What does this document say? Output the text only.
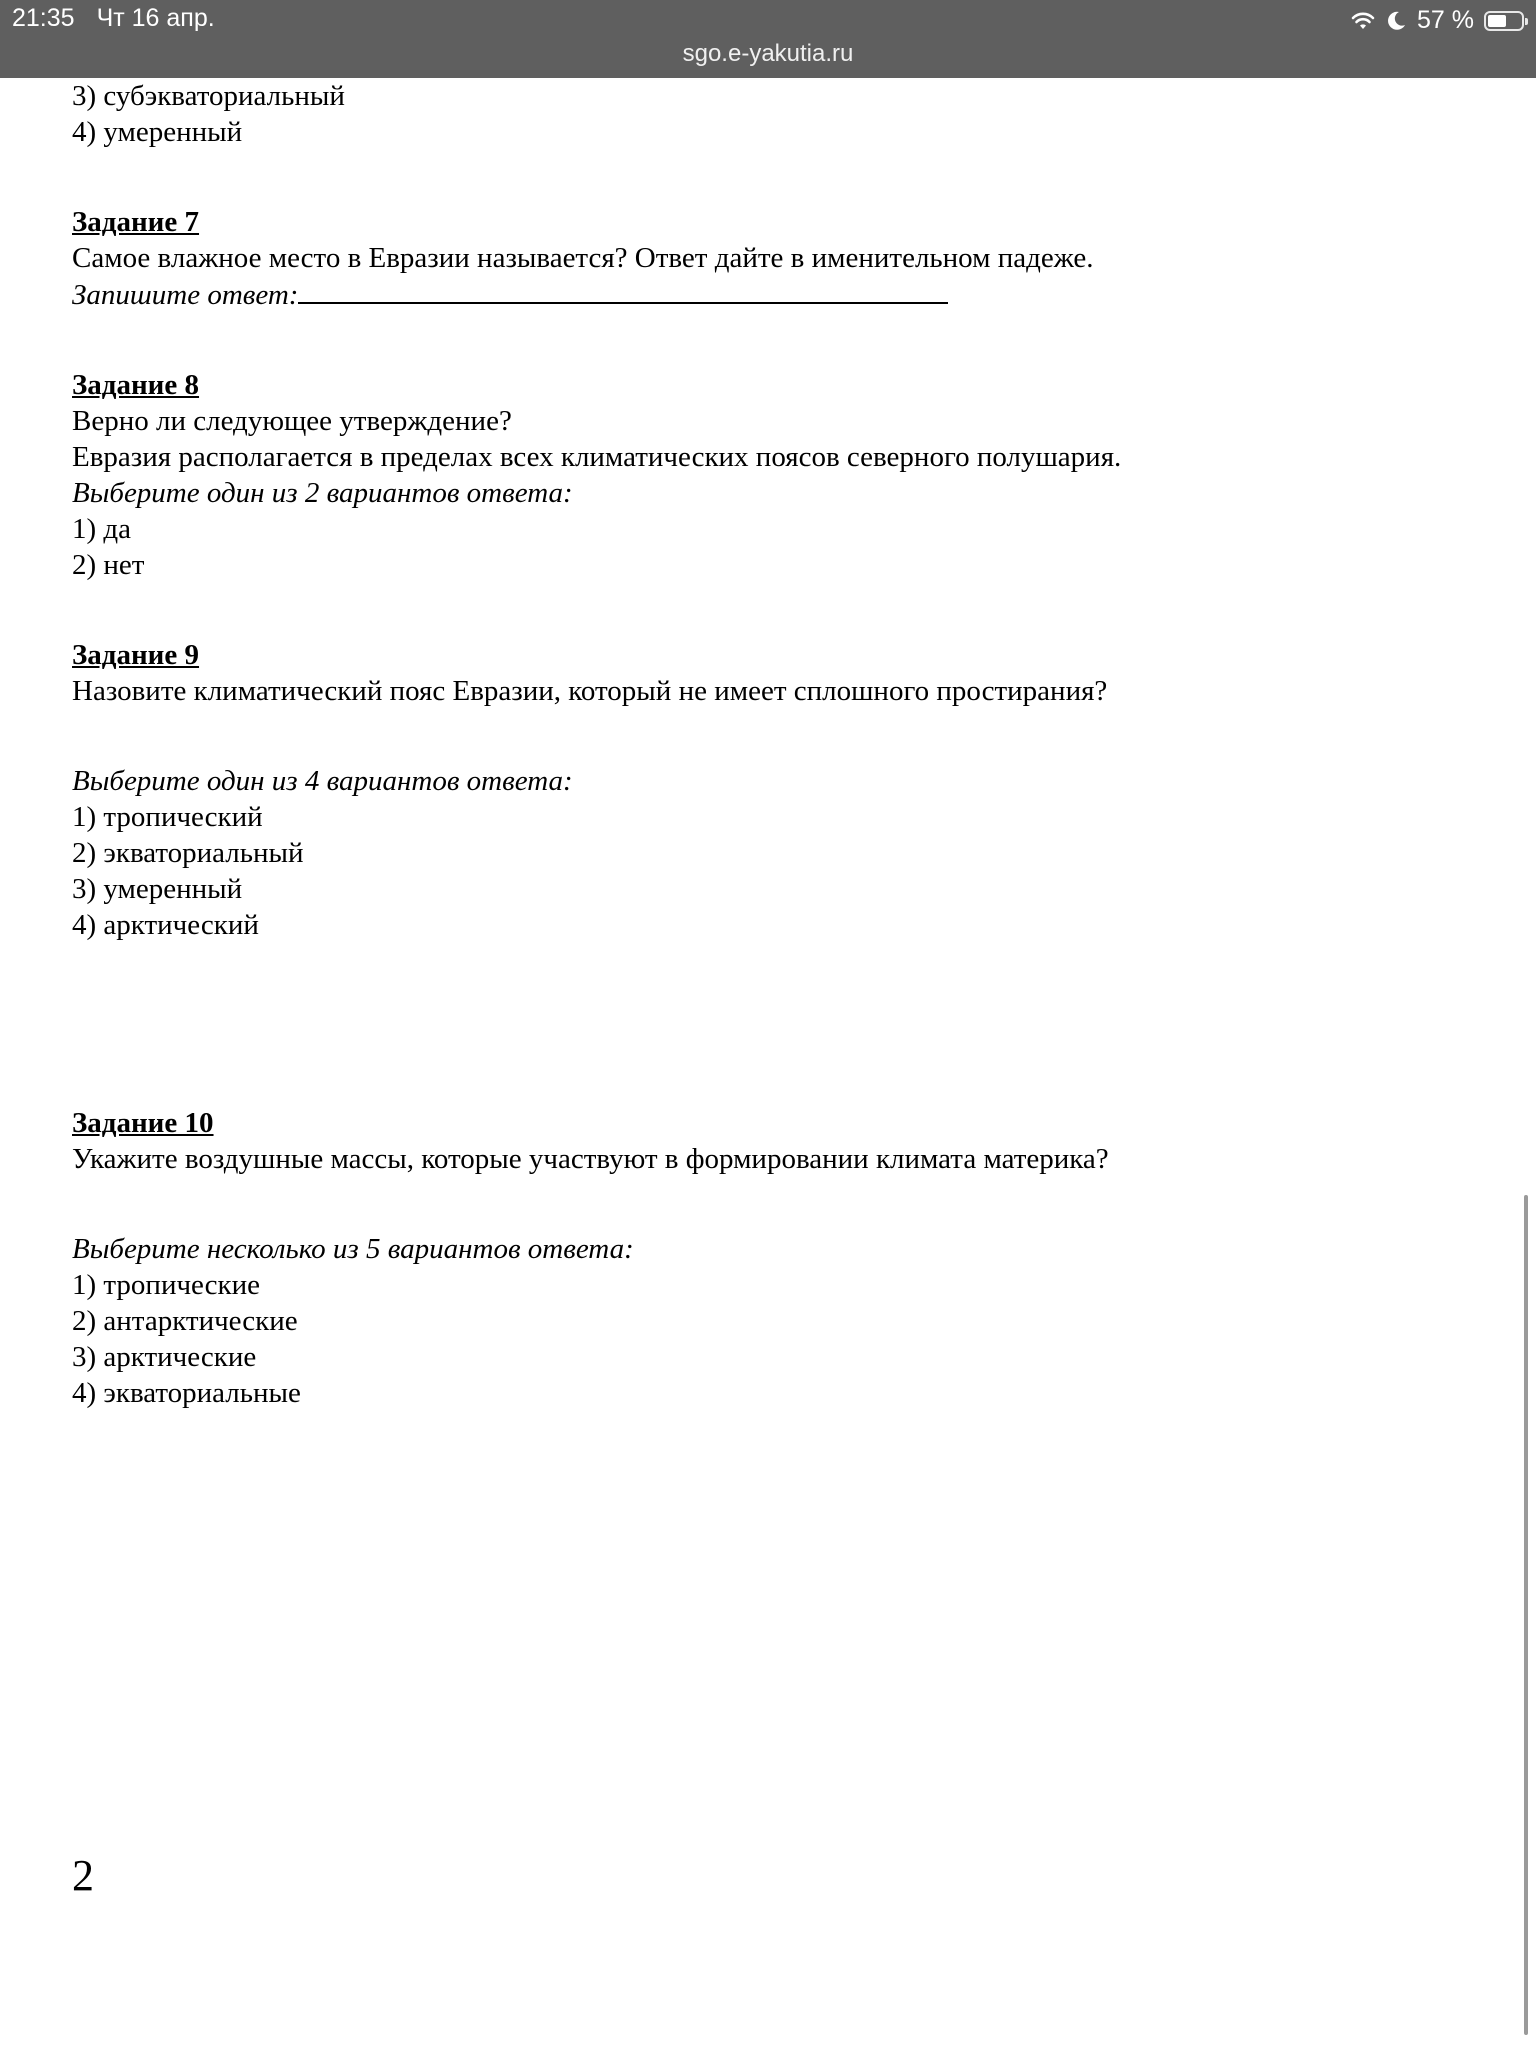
21:35 Чт 16 апр.
sgo.e-yakutia.ru
57 %
3) субэкваториальный
4) умеренный
Задание 7
Самое влажное место в Евразии называется? Ответ дайте в именительном падеже.
Запишите ответ:
Задание 8
Верно ли следующее утверждение?
Евразия располагается в пределах всех климатических поясов северного полушария.
Выберите один из 2 вариантов ответа:
1) да
2) нет
Задание 9
Назовите климатический пояс Евразии, который не имеет сплошного простирания?
Выберите один из 4 вариантов ответа:
1) тропический
2) экваториальный
3) умеренный
4) арктический
Задание 10
Укажите воздушные массы, которые участвуют в формировании климата материка?
Выберите несколько из 5 вариантов ответа:
1) тропические
2) антарктические
3) арктические
4) экваториальные
2
